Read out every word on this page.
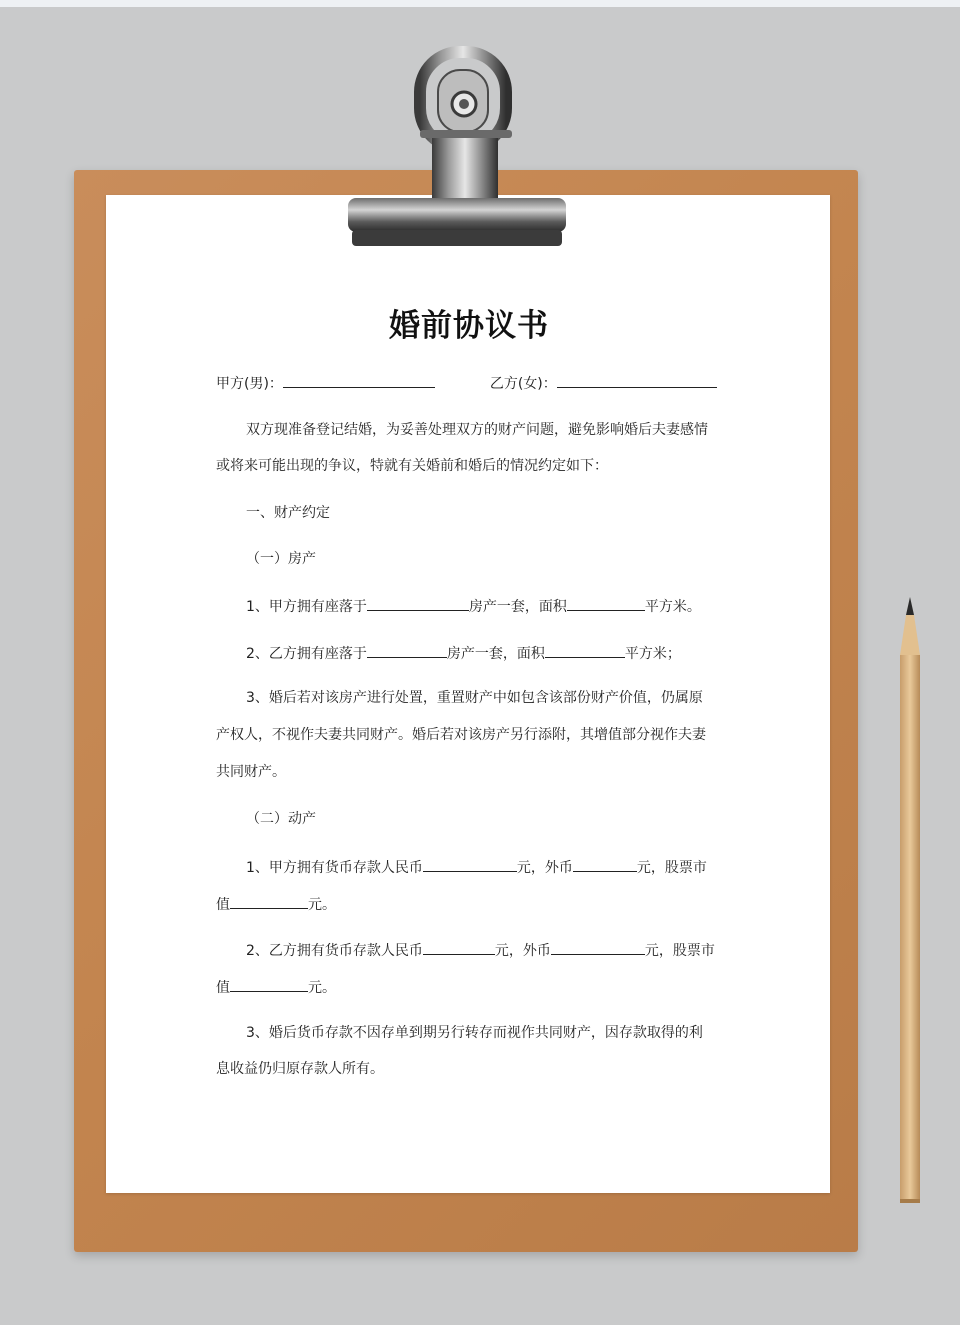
婚前协议书
甲方(男)：	乙方(女)：
双方现准备登记结婚，为妥善处理双方的财产问题，避免影响婚后夫妻感情
或将来可能出现的争议，特就有关婚前和婚后的情况约定如下：
一、财产约定
（一）房产
1、甲方拥有座落于	房产一套，面积	平方米。
2、乙方拥有座落于	房产一套，面积	平方米；
3、婚后若对该房产进行处置，重置财产中如包含该部份财产价值，仍属原
产权人，不视作夫妻共同财产。婚后若对该房产另行添附，其增值部分视作夫妻
共同财产。
（二）动产
1、甲方拥有货币存款人民币	元，外币	元，股票市
值	元。
2、乙方拥有货币存款人民币	元，外币	元，股票市
值	元。
3、婚后货币存款不因存单到期另行转存而视作共同财产，因存款取得的利
息收益仍归原存款人所有。
